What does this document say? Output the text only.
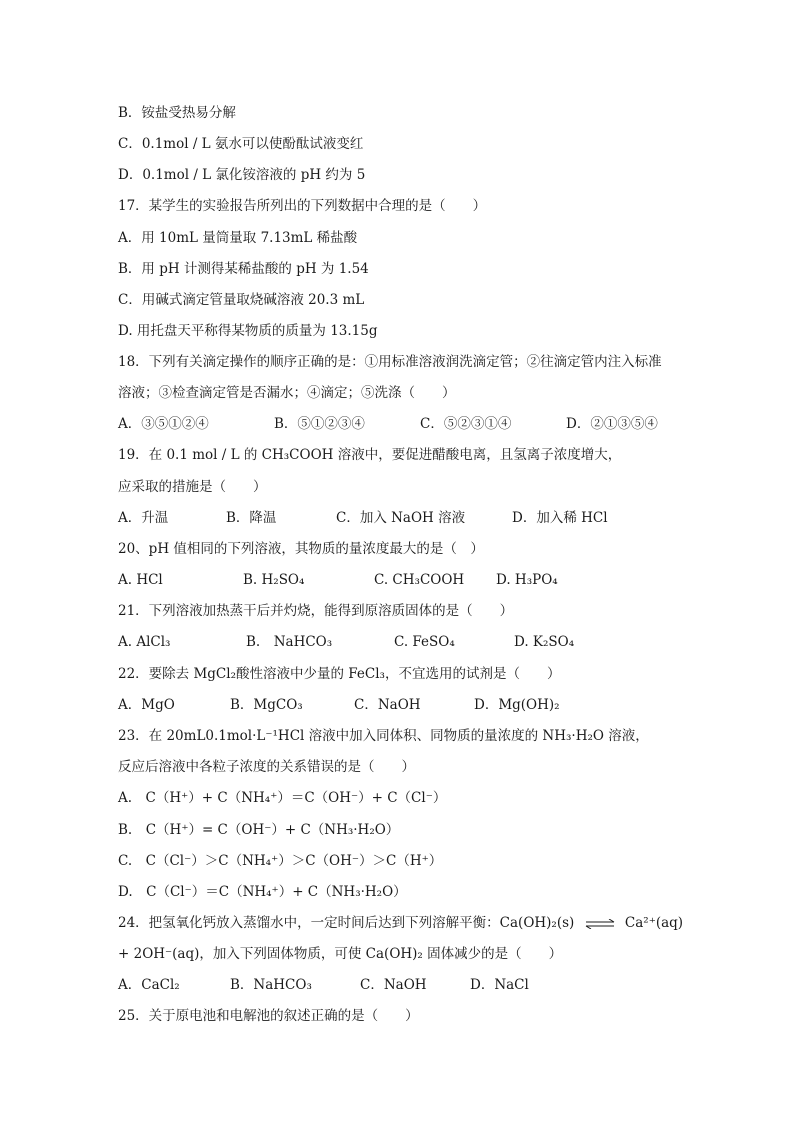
B．铵盐受热易分解
C．0.1mol / L 氨水可以使酚酞试液变红
D．0.1mol / L 氯化铵溶液的 pH 约为 5
17．某学生的实验报告所列出的下列数据中合理的是（　　）
A．用 10mL 量筒量取 7.13mL 稀盐酸
B．用 pH 计测得某稀盐酸的 pH 为 1.54
C．用碱式滴定管量取烧碱溶液 20.3 mL
D. 用托盘天平称得某物质的质量为 13.15g
18．下列有关滴定操作的顺序正确的是：①用标准溶液润洗滴定管；②往滴定管内注入标准
溶液；③检查滴定管是否漏水；④滴定；⑤洗涤（　　）
A．③⑤①②④	B．⑤①②③④	C．⑤②③①④	D．②①③⑤④
19．在 0.1 mol / L 的 CH₃COOH 溶液中，要促进醋酸电离，且氢离子浓度增大，
应采取的措施是（　　）
A．升温	B．降温	C．加入 NaOH 溶液	D．加入稀 HCl
20、pH 值相同的下列溶液，其物质的量浓度最大的是（　）
A. HCl	B. H₂SO₄	C. CH₃COOH D. H₃PO₄
21．下列溶液加热蒸干后并灼烧，能得到原溶质固体的是（　　）
A. AlCl₃	B.　NaHCO₃	C. FeSO₄	D. K₂SO₄
22．要除去 MgCl₂酸性溶液中少量的 FeCl₃，不宜选用的试剂是（　　）
A．MgO	B．MgCO₃	C．NaOH	D．Mg(OH)₂
23．在 20mL0.1mol·L⁻¹HCl 溶液中加入同体积、同物质的量浓度的 NH₃·H₂O 溶液，
反应后溶液中各粒子浓度的关系错误的是（　　）
A.　C（H⁺）+ C（NH₄⁺）＝C（OH⁻）+ C（Cl⁻）
B.　C（H⁺）= C（OH⁻）+ C（NH₃·H₂O）
C.　C（Cl⁻）＞C（NH₄⁺）＞C（OH⁻）＞C（H⁺）
D.　C（Cl⁻）＝C（NH₄⁺）+ C（NH₃·H₂O）
24．把氢氧化钙放入蒸馏水中，一定时间后达到下列溶解平衡：Ca(OH)₂(s) ⇌ Ca²⁺(aq)
+ 2OH⁻(aq)，加入下列固体物质，可使 Ca(OH)₂ 固体减少的是（　　）
A．CaCl₂	B．NaHCO₃	C．NaOH	D．NaCl
25．关于原电池和电解池的叙述正确的是（　　）
